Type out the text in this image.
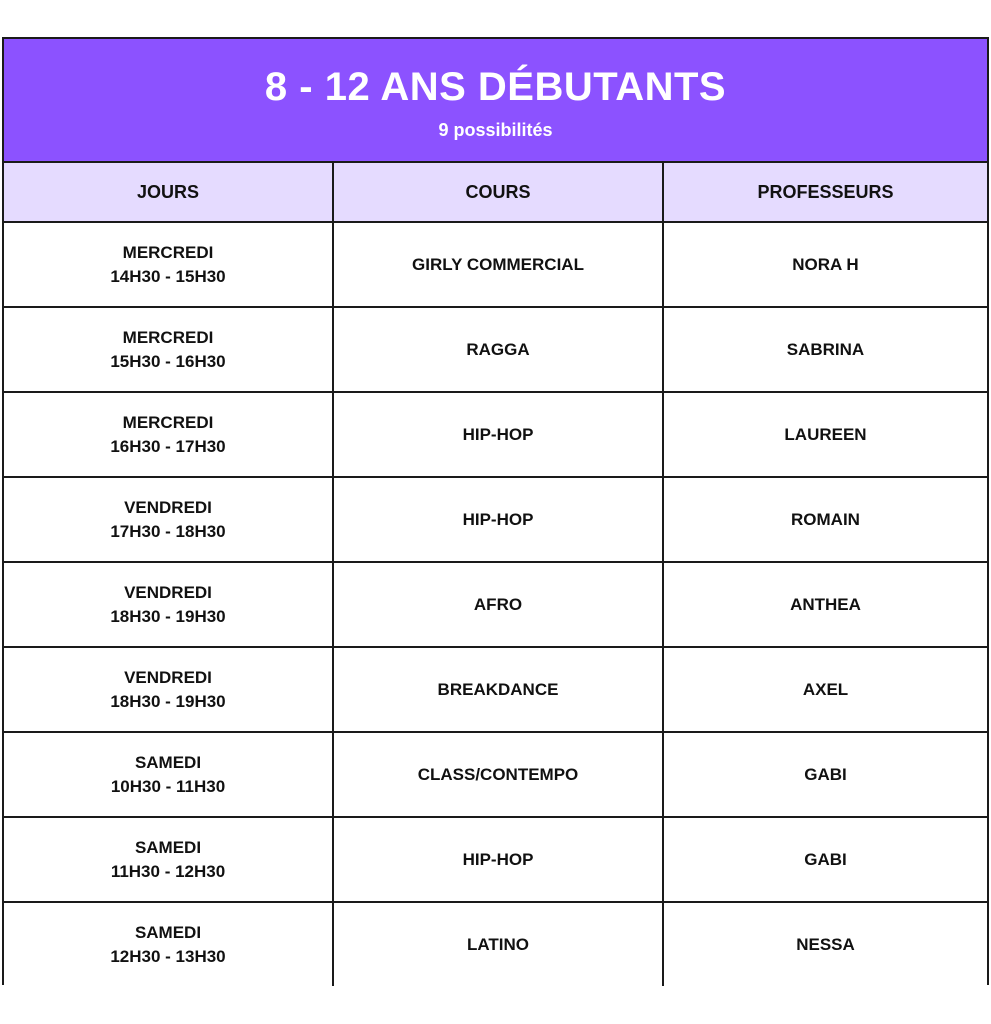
8 - 12 ANS DÉBUTANTS
9 possibilités
JOURS	COURS	PROFESSEURS

MERCREDI
14H30 - 15H30	GIRLY COMMERCIAL	NORA H

MERCREDI
15H30 - 16H30	RAGGA	SABRINA

MERCREDI
16H30 - 17H30	HIP-HOP	LAUREEN

VENDREDI
17H30 - 18H30	HIP-HOP	ROMAIN

VENDREDI
18H30 - 19H30	AFRO	ANTHEA

VENDREDI
18H30 - 19H30	BREAKDANCE	AXEL

SAMEDI
10H30 - 11H30	CLASS/CONTEMPO	GABI

SAMEDI
11H30 - 12H30	HIP-HOP	GABI

SAMEDI
12H30 - 13H30	LATINO	NESSA
